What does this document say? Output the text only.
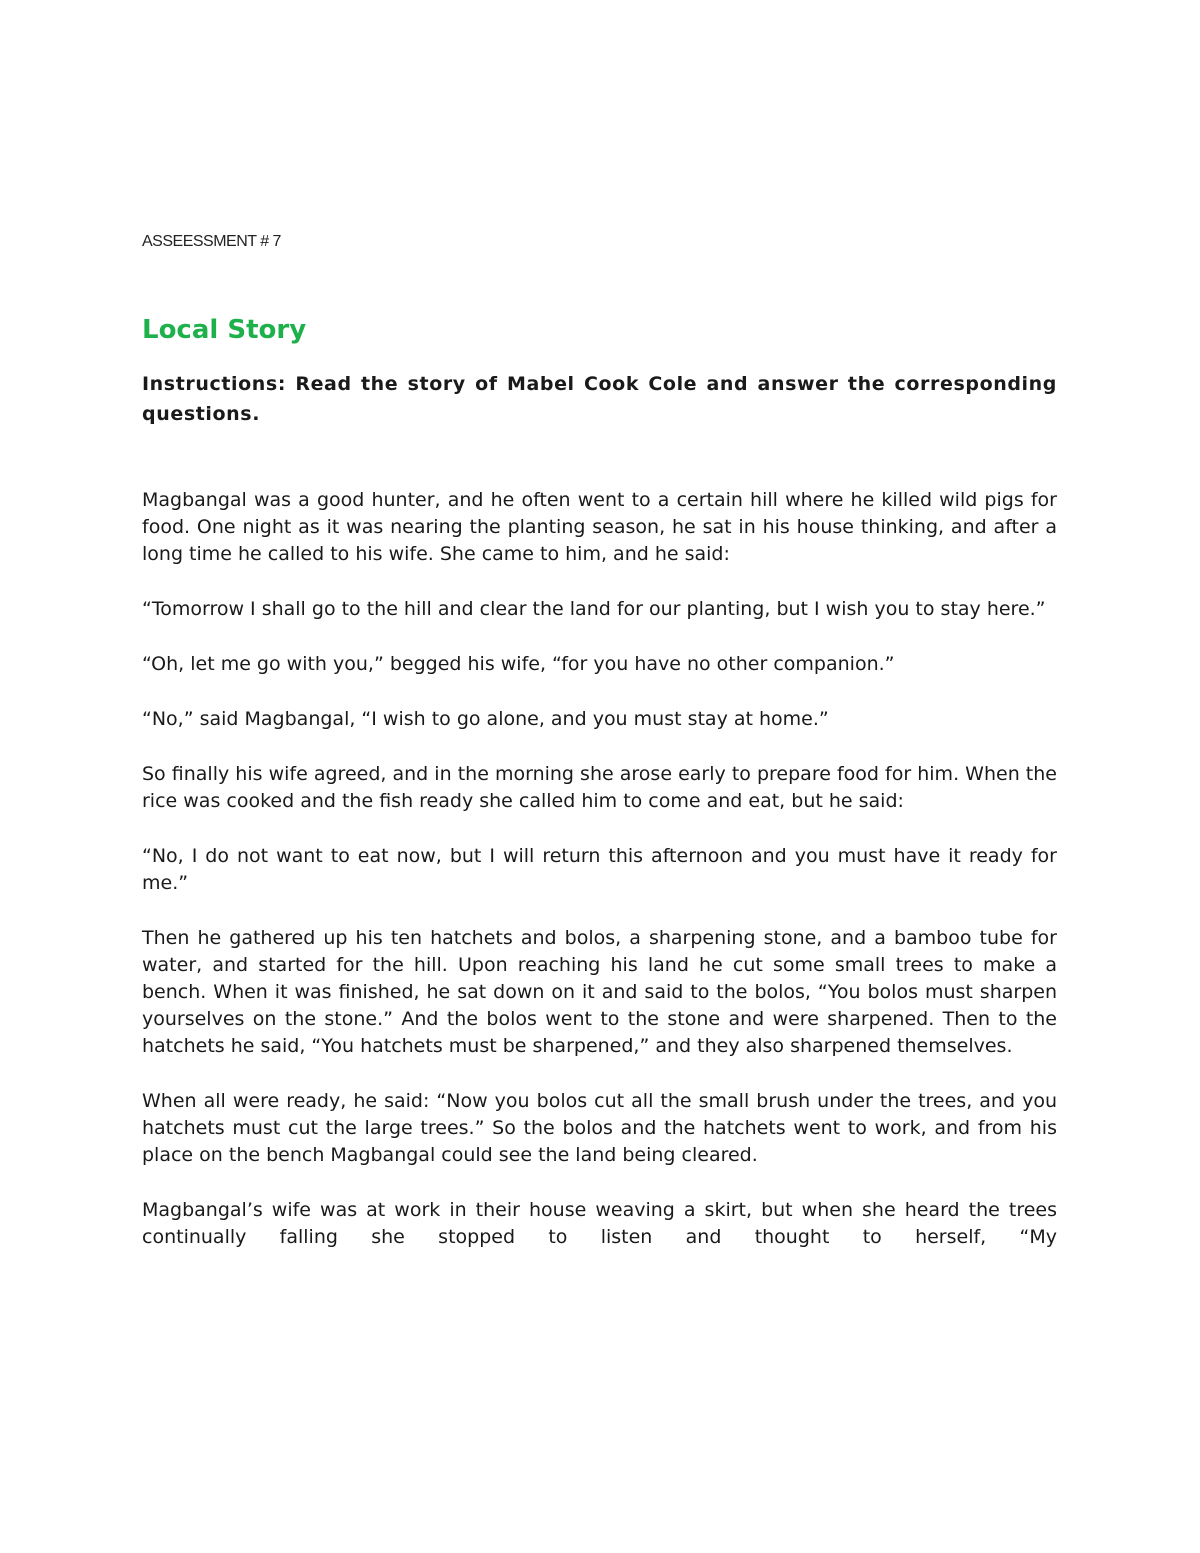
ASSEESSMENT # 7
Local Story
Instructions: Read the story of Mabel Cook Cole and answer the corresponding questions.

Magbangal was a good hunter, and he often went to a certain hill where he killed wild pigs for food. One night as it was nearing the planting season, he sat in his house thinking, and after a long time he called to his wife. She came to him, and he said:

“Tomorrow I shall go to the hill and clear the land for our planting, but I wish you to stay here.”

“Oh, let me go with you,” begged his wife, “for you have no other companion.”

“No,” said Magbangal, “I wish to go alone, and you must stay at home.”

So finally his wife agreed, and in the morning she arose early to prepare food for him. When the rice was cooked and the fish ready she called him to come and eat, but he said:

“No, I do not want to eat now, but I will return this afternoon and you must have it ready for me.”

Then he gathered up his ten hatchets and bolos, a sharpening stone, and a bamboo tube for water, and started for the hill. Upon reaching his land he cut some small trees to make a bench. When it was finished, he sat down on it and said to the bolos, “You bolos must sharpen yourselves on the stone.” And the bolos went to the stone and were sharpened. Then to the hatchets he said, “You hatchets must be sharpened,” and they also sharpened themselves.

When all were ready, he said: “Now you bolos cut all the small brush under the trees, and you hatchets must cut the large trees.” So the bolos and the hatchets went to work, and from his place on the bench Magbangal could see the land being cleared.

Magbangal’s wife was at work in their house weaving a skirt, but when she heard the trees continually falling she stopped to listen and thought to herself, “My
